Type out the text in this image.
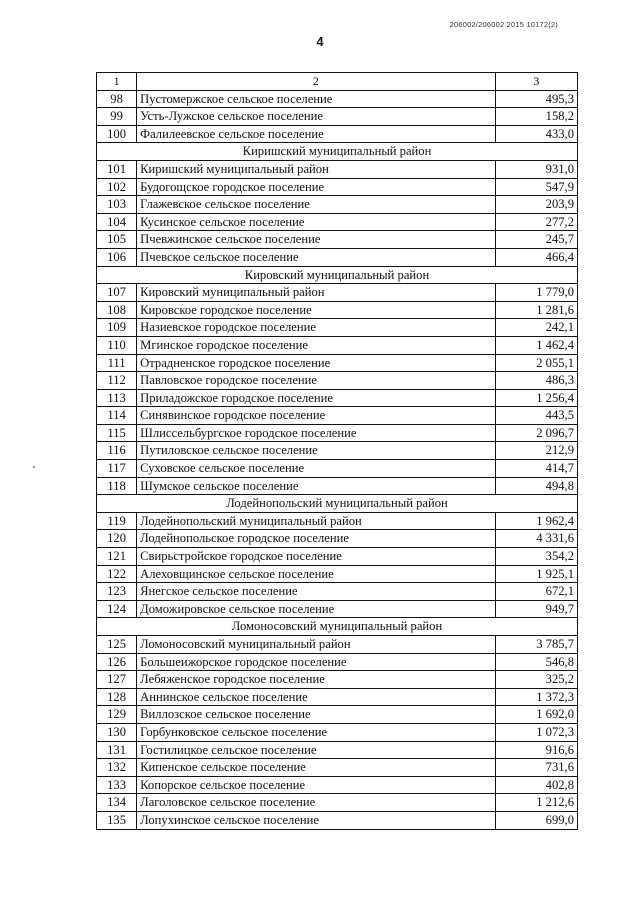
206002/206002 2015 10172(2)
4
1	2	3
98	Пустомержское сельское поселение	495,3
99	Усть-Лужское сельское поселение	158,2
100	Фалилеевское сельское поселение	433,0
Киришский муниципальный район		
101	Киришский муниципальный район	931,0
102	Будогощское городское поселение	547,9
103	Глажевское сельское поселение	203,9
104	Кусинское сельское поселение	277,2
105	Пчевжинское сельское поселение	245,7
106	Пчевское сельское поселение	466,4
Кировский муниципальный район		
107	Кировский муниципальный район	1 779,0
108	Кировское городское поселение	1 281,6
109	Назиевское городское поселение	242,1
110	Мгинское городское поселение	1 462,4
111	Отрадненское городское поселение	2 055,1
112	Павловское городское поселение	486,3
113	Приладожское городское поселение	1 256,4
114	Синявинское городское поселение	443,5
115	Шлиссельбургское городское поселение	2 096,7
116	Путиловское сельское поселение	212,9
117	Суховское сельское поселение	414,7
118	Шумское сельское поселение	494,8
Лодейнопольский муниципальный район		
119	Лодейнопольский муниципальный район	1 962,4
120	Лодейнопольское городское поселение	4 331,6
121	Свирьстройское городское поселение	354,2
122	Алеховщинское сельское поселение	1 925,1
123	Янегское сельское поселение	672,1
124	Доможировское сельское поселение	949,7
Ломоносовский муниципальный район		
125	Ломоносовский муниципальный район	3 785,7
126	Большеижорское городское поселение	546,8
127	Лебяженское городское поселение	325,2
128	Аннинское сельское поселение	1 372,3
129	Виллозское сельское поселение	1 692,0
130	Горбунковское сельское поселение	1 072,3
131	Гостилицкое сельское поселение	916,6
132	Кипенское сельское поселение	731,6
133	Копорское сельское поселение	402,8
134	Лаголовское сельское поселение	1 212,6
135	Лопухинское сельское поселение	699,0
